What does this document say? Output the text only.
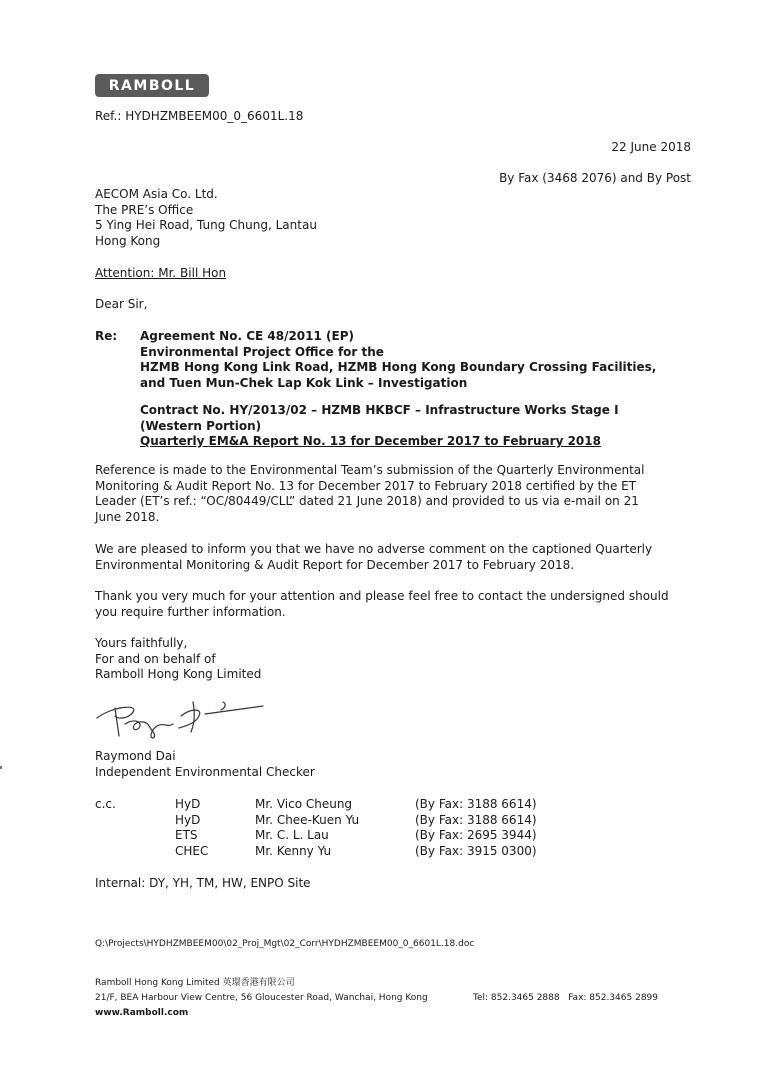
RAMBOLL
Ref.: HYDHZMBEEM00_0_6601L.18
22 June 2018
By Fax (3468 2076) and By Post
AECOM Asia Co. Ltd.
The PRE’s Office
5 Ying Hei Road, Tung Chung, Lantau
Hong Kong
Attention: Mr. Bill Hon
Dear Sir,
Re: Agreement No. CE 48/2011 (EP)
Environmental Project Office for the
HZMB Hong Kong Link Road, HZMB Hong Kong Boundary Crossing Facilities,
and Tuen Mun-Chek Lap Kok Link – Investigation
Contract No. HY/2013/02 – HZMB HKBCF – Infrastructure Works Stage I
(Western Portion)
Quarterly EM&A Report No. 13 for December 2017 to February 2018
Reference is made to the Environmental Team’s submission of the Quarterly Environmental
Monitoring & Audit Report No. 13 for December 2017 to February 2018 certified by the ET
Leader (ET’s ref.: “OC/80449/CLL” dated 21 June 2018) and provided to us via e-mail on 21
June 2018.
We are pleased to inform you that we have no adverse comment on the captioned Quarterly
Environmental Monitoring & Audit Report for December 2017 to February 2018.
Thank you very much for your attention and please feel free to contact the undersigned should
you require further information.
Yours faithfully,
For and on behalf of
Ramboll Hong Kong Limited
Raymond Dai
Independent Environmental Checker
c.c.	HyD	Mr. Vico Cheung	(By Fax: 3188 6614)
HyD	Mr. Chee-Kuen Yu	(By Fax: 3188 6614)
ETS	Mr. C. L. Lau	(By Fax: 2695 3944)
CHEC	Mr. Kenny Yu	(By Fax: 3915 0300)
Internal: DY, YH, TM, HW, ENPO Site
Q:\Projects\HYDHZMBEEM00\02_Proj_Mgt\02_Corr\HYDHZMBEEM00_0_6601L.18.doc
Ramboll Hong Kong Limited 英環香港有限公司
21/F, BEA Harbour View Centre, 56 Gloucester Road, Wanchai, Hong Kong
www.Ramboll.com
Tel: 852.3465 2888 Fax: 852.3465 2899
